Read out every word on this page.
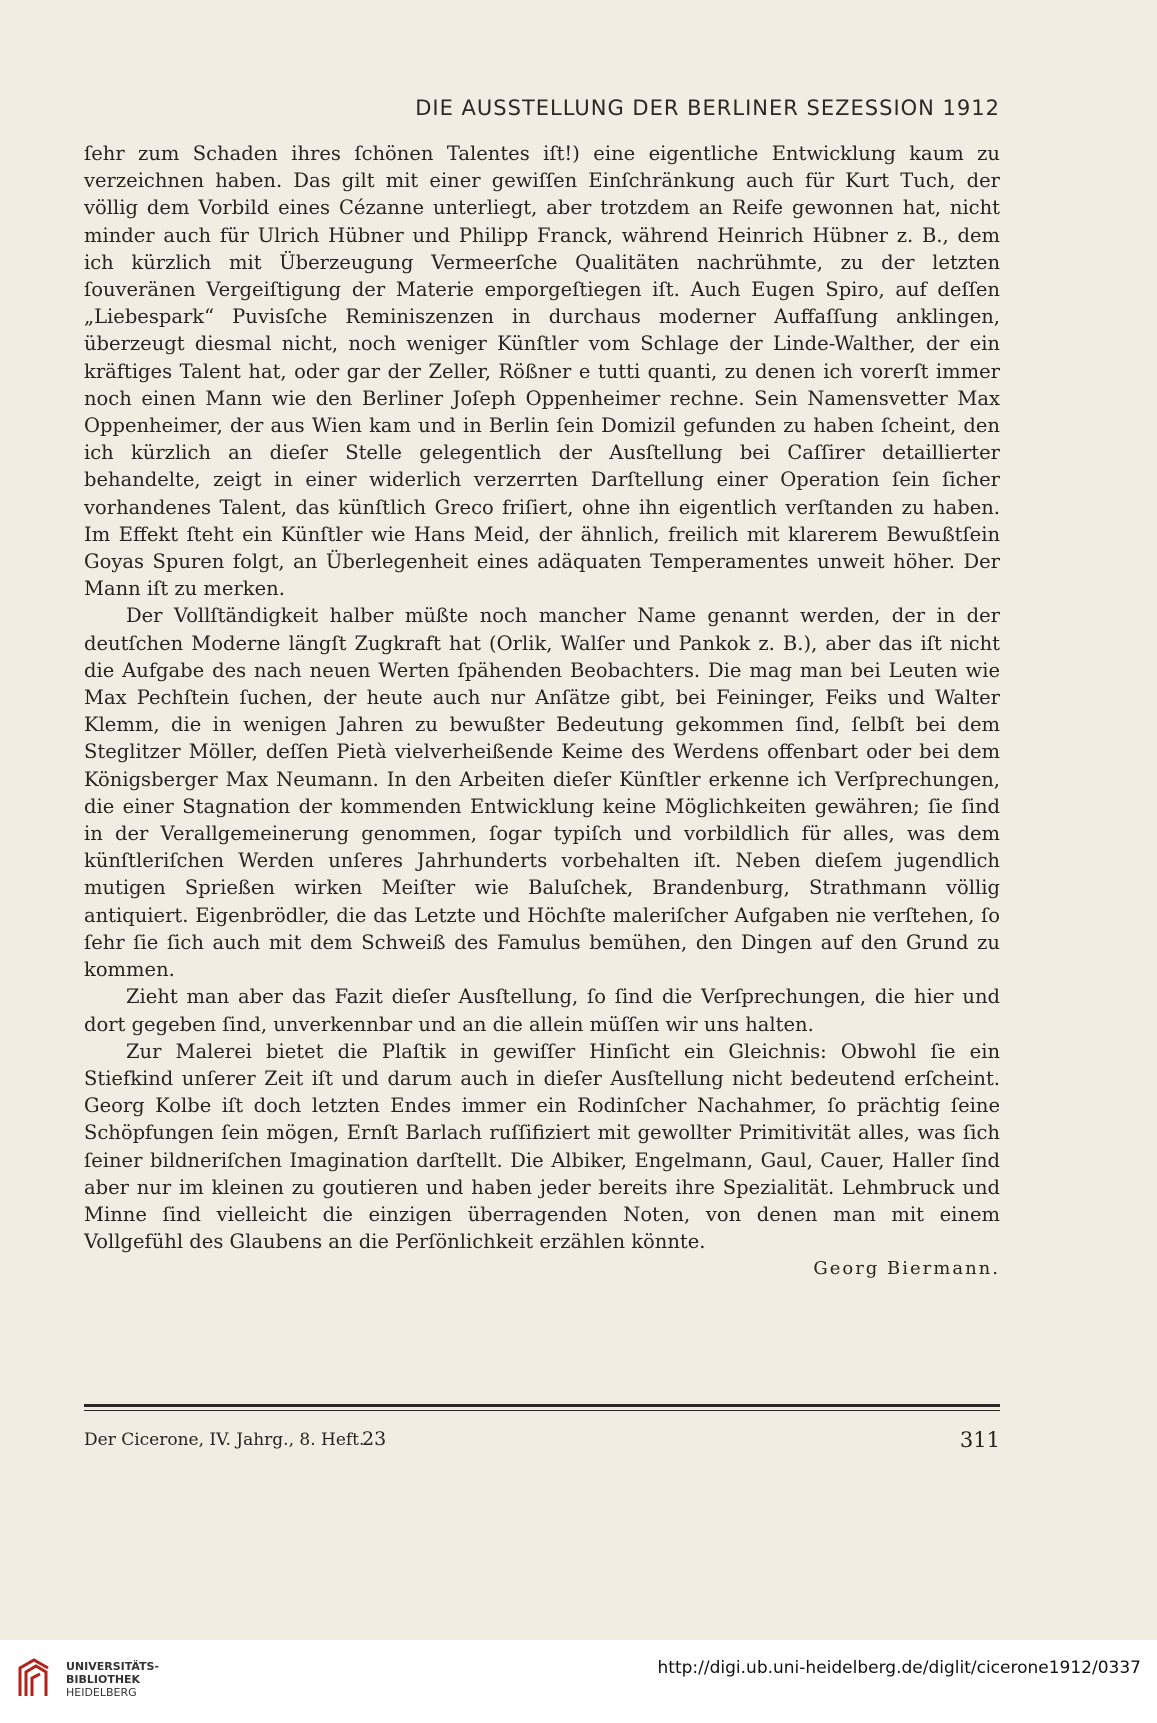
DIE AUSSTELLUNG DER BERLINER SEZESSION 1912

ſehr zum Schaden ihres ſchönen Talentes iſt!) eine eigentliche Entwicklung kaum zu verzeichnen haben. Das gilt mit einer gewiſſen Einſchränkung auch für Kurt Tuch, der völlig dem Vorbild eines Cézanne unterliegt, aber trotzdem an Reife gewonnen hat, nicht minder auch für Ulrich Hübner und Philipp Franck, während Heinrich Hübner z. B., dem ich kürzlich mit Überzeugung Vermeerſche Qualitäten nachrühmte, zu der letzten ſouveränen Vergeiſtigung der Materie emporgeſtiegen iſt. Auch Eugen Spiro, auf deſſen „Liebespark“ Puvisſche Reminiszenzen in durchaus moderner Auffaſſung anklingen, überzeugt diesmal nicht, noch weniger Künſtler vom Schlage der Linde-Walther, der ein kräftiges Talent hat, oder gar der Zeller, Rößner e tutti quanti, zu denen ich vorerſt immer noch einen Mann wie den Berliner Joſeph Oppenheimer rechne. Sein Namensvetter Max Oppenheimer, der aus Wien kam und in Berlin ſein Domizil gefunden zu haben ſcheint, den ich kürzlich an dieſer Stelle gelegentlich der Ausſtellung bei Caſſirer detaillierter behandelte, zeigt in einer widerlich verzerrten Darſtellung einer Operation ſein ſicher vorhandenes Talent, das künſtlich Greco friſiert, ohne ihn eigentlich verſtanden zu haben. Im Effekt ſteht ein Künſtler wie Hans Meid, der ähnlich, freilich mit klarerem Bewußtſein Goyas Spuren folgt, an Überlegenheit eines adäquaten Temperamentes unweit höher. Der Mann iſt zu merken.

Der Vollſtändigkeit halber müßte noch mancher Name genannt werden, der in der deutſchen Moderne längſt Zugkraft hat (Orlik, Walſer und Pankok z. B.), aber das iſt nicht die Aufgabe des nach neuen Werten ſpähenden Beobachters. Die mag man bei Leuten wie Max Pechſtein ſuchen, der heute auch nur Anſätze gibt, bei Feininger, Feiks und Walter Klemm, die in wenigen Jahren zu bewußter Bedeutung gekommen ſind, ſelbſt bei dem Steglitzer Möller, deſſen Pietà vielverheißende Keime des Werdens offenbart oder bei dem Königsberger Max Neumann. In den Arbeiten dieſer Künſtler erkenne ich Verſprechungen, die einer Stagnation der kommenden Entwicklung keine Möglichkeiten gewähren; ſie ſind in der Verallgemeinerung genommen, ſogar typiſch und vorbildlich für alles, was dem künſtleriſchen Werden unſeres Jahrhunderts vorbehalten iſt. Neben dieſem jugendlich mutigen Sprießen wirken Meiſter wie Baluſchek, Brandenburg, Strathmann völlig antiquiert. Eigenbrödler, die das Letzte und Höchſte maleriſcher Aufgaben nie verſtehen, ſo ſehr ſie ſich auch mit dem Schweiß des Famulus bemühen, den Dingen auf den Grund zu kommen.

Zieht man aber das Fazit dieſer Ausſtellung, ſo ſind die Verſprechungen, die hier und dort gegeben ſind, unverkennbar und an die allein müſſen wir uns halten.

Zur Malerei bietet die Plaſtik in gewiſſer Hinſicht ein Gleichnis: Obwohl ſie ein Stiefkind unſerer Zeit iſt und darum auch in dieſer Ausſtellung nicht bedeutend erſcheint. Georg Kolbe iſt doch letzten Endes immer ein Rodinſcher Nachahmer, ſo prächtig ſeine Schöpfungen ſein mögen, Ernſt Barlach ruſſifiziert mit gewollter Primitivität alles, was ſich ſeiner bildneriſchen Imagination darſtellt. Die Albiker, Engelmann, Gaul, Cauer, Haller ſind aber nur im kleinen zu goutieren und haben jeder bereits ihre Spezialität. Lehmbruck und Minne ſind vielleicht die einzigen überragenden Noten, von denen man mit einem Vollgefühl des Glaubens an die Perſönlichkeit erzählen könnte.

Georg Biermann.
Der Cicerone, IV. Jahrg., 8. Heft.
23	311
UNIVERSITÄTS-
BIBLIOTHEK
HEIDELBERG
http://digi.ub.uni-heidelberg.de/diglit/cicerone1912/0337
